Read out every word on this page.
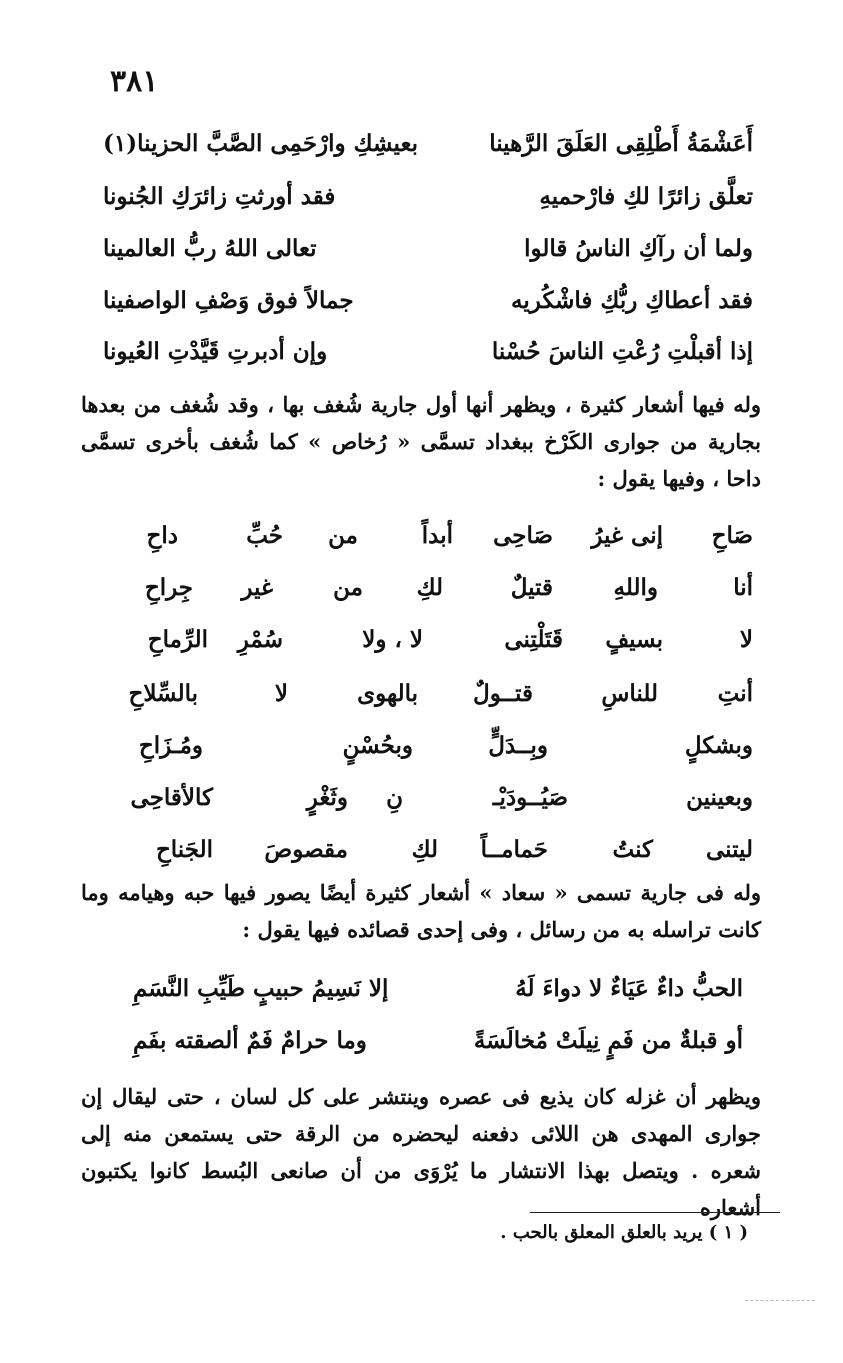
٣٨١
أَعَشْمَةُ أَطْلِقِى العَلَقَ الرَّهينا
بعيشِكِ وارْحَمِى الصَّبَّ الحزينا(١)
تعلَّق زائرًا لكِ فارْحميهِ
فقد أورثتِ زائرَكِ الجُنونا
ولما أن رآكِ الناسُ قالوا
تعالى اللهُ ربُّ العالمينا
فقد أعطاكِ ربُّكِ فاشْكُريه
جمالاً فوق وَصْفِ الواصفينا
إذا أقبلْتِ رُعْتِ الناسَ حُسْنا
وإن أدبرتِ قَيَّدْتِ العُيونا
وله فيها أشعار كثيرة ، ويظهر أنها أول جارية شُغف بها ، وقد شُغف من بعدها بجارية من جوارى الكَرْخ ببغداد تسمَّى « رُخاص » كما شُغف بأخرى تسمَّى داحا ، وفيها يقول :
صَاحِ
إنى غيرُ
صَاحِى
أبداً
من
حُبِّ
داحِ
أنا
واللهِ
قتيلٌ
لكِ
من
غير
جِراحِ
لا
بسيفٍ
قَتَلْتِنى
لا ، ولا
سُمْرِ
الرِّماحِ
أنتِ
للناسِ
قتــولٌ
بالهوى
لا
بالسِّلاحِ
وبشكلٍ
وبِــدَلٍّ
وبحُسْنٍ
ومُـزَاحِ
وبعينين
صَيُــودَيْـ
نِ
وثَغْرٍ
كالأقاحِى
ليتنى
كنتُ
حَمامــاً
لكِ
مقصوصَ
الجَناحِ
وله فى جارية تسمى « سعاد » أشعار كثيرة أيضًا يصور فيها حبه وهيامه وما كانت تراسله به من رسائل ، وفى إحدى قصائده فيها يقول :
الحبُّ داءٌ عَيَاءٌ لا دواءَ لَهُ
إلا نَسِيمُ حبيبٍ طَيِّبِ النَّسَمِ
أو قبلةٌ من فَمٍ نِيلَتْ مُخالَسَةً
وما حرامٌ فَمٌ ألصقته بفَمِ
ويظهر أن غزله كان يذيع فى عصره وينتشر على كل لسان ، حتى ليقال إن جوارى المهدى هن اللائى دفعنه ليحضره من الرقة حتى يستمعن منه إلى شعره . ويتصل بهذا الانتشار ما يُرْوَى من أن صانعى البُسط كانوا يكتبون أشعاره
( ١ ) يريد بالعلق المعلق بالحب .
